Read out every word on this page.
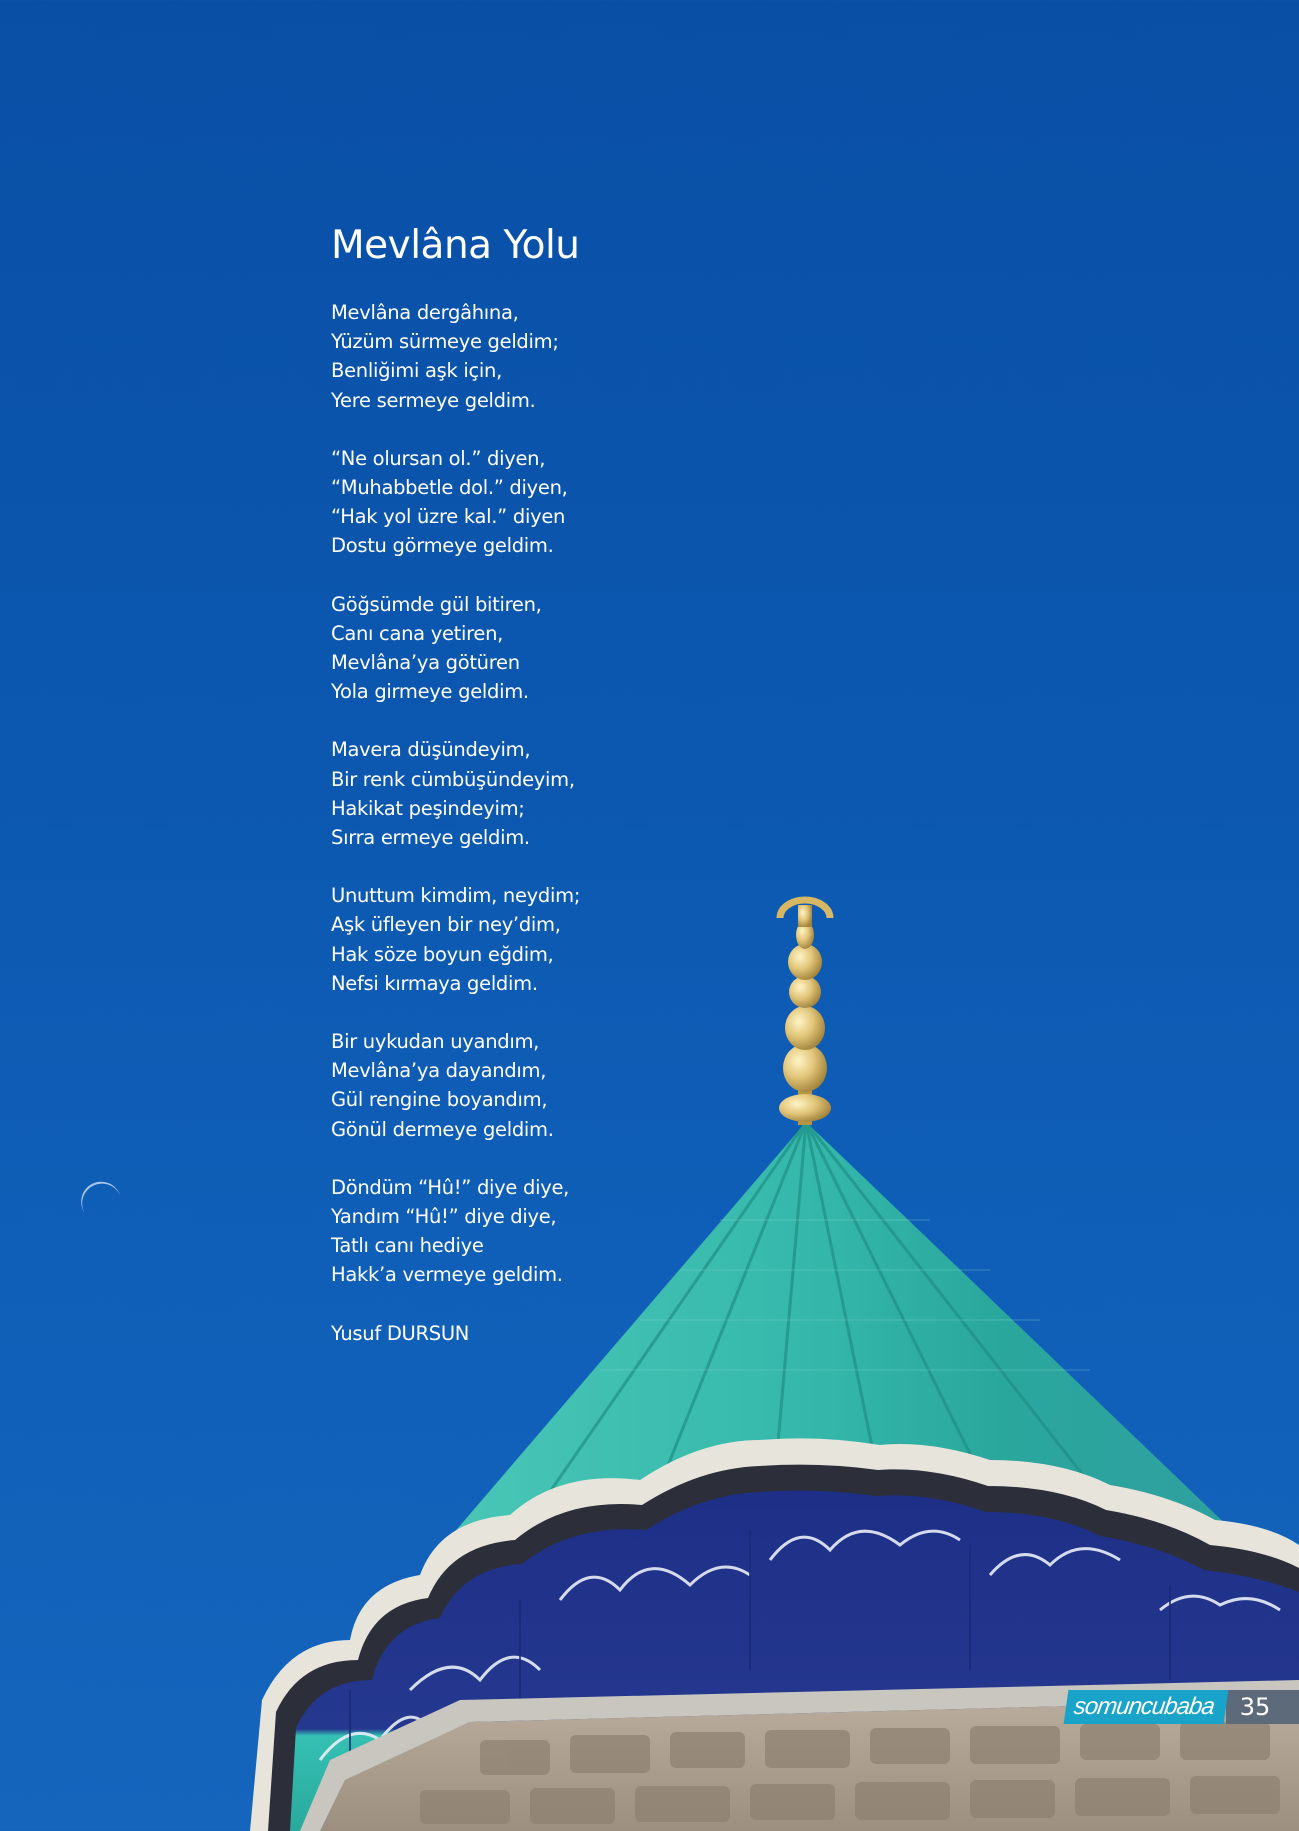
Mevlâna Yolu
Mevlâna dergâhına,
Yüzüm sürmeye geldim;
Benliğimi aşk için,
Yere sermeye geldim.
“Ne olursan ol.” diyen,
“Muhabbetle dol.” diyen,
“Hak yol üzre kal.” diyen
Dostu görmeye geldim.
Göğsümde gül bitiren,
Canı cana yetiren,
Mevlâna’ya götüren
Yola girmeye geldim.
Mavera düşündeyim,
Bir renk cümbüşündeyim,
Hakikat peşindeyim;
Sırra ermeye geldim.
Unuttum kimdim, neydim;
Aşk üfleyen bir ney’dim,
Hak söze boyun eğdim,
Nefsi kırmaya geldim.
Bir uykudan uyandım,
Mevlâna’ya dayandım,
Gül rengine boyandım,
Gönül dermeye geldim.
Döndüm “Hû!” diye diye,
Yandım “Hû!” diye diye,
Tatlı canı hediye
Hakk’a vermeye geldim.
Yusuf DURSUN
somuncubaba	35
